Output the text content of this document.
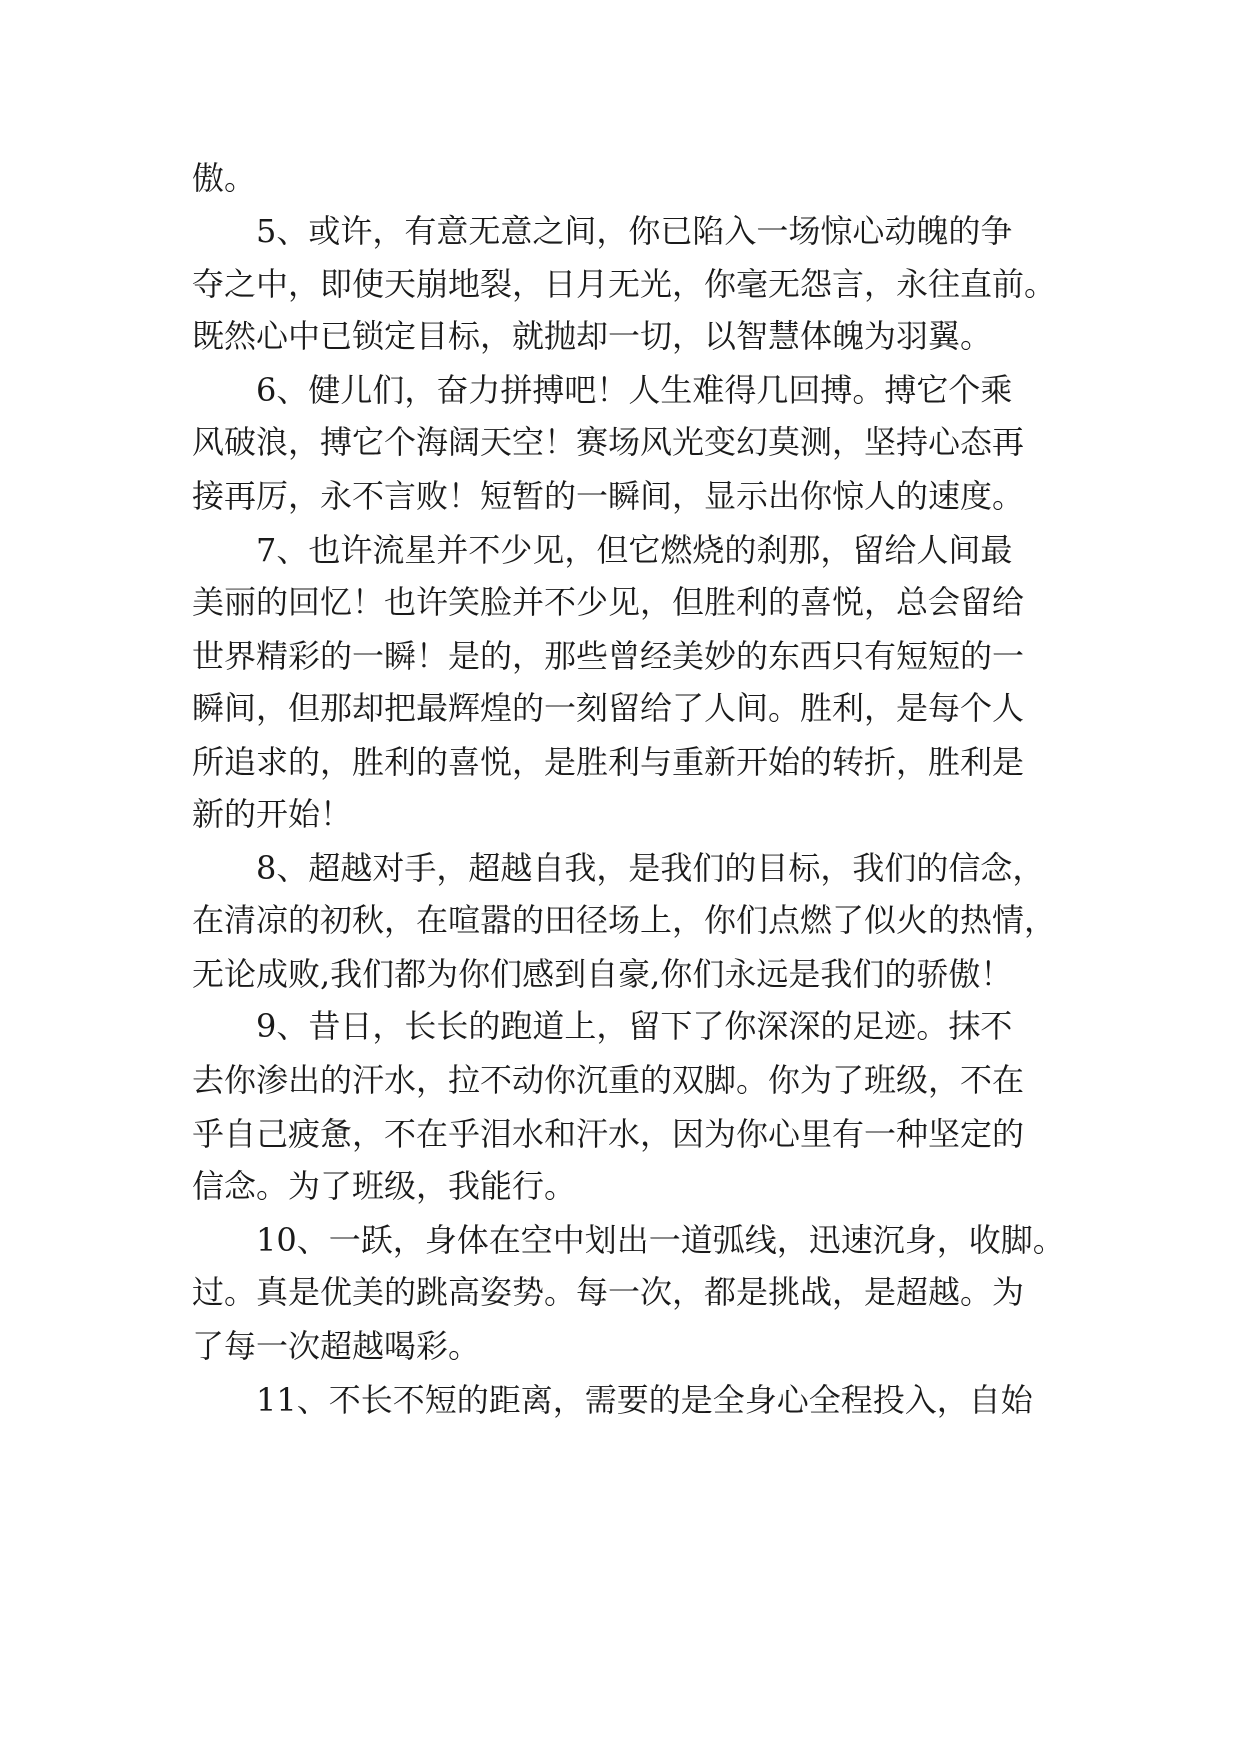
傲。
5、或许，有意无意之间，你已陷入一场惊心动魄的争
夺之中，即使天崩地裂，日月无光，你毫无怨言，永往直前。
既然心中已锁定目标，就抛却一切，以智慧体魄为羽翼。
6、健儿们，奋力拼搏吧！人生难得几回搏。搏它个乘
风破浪，搏它个海阔天空！赛场风光变幻莫测，坚持心态再
接再厉，永不言败！短暂的一瞬间，显示出你惊人的速度。
7、也许流星并不少见，但它燃烧的刹那，留给人间最
美丽的回忆！也许笑脸并不少见，但胜利的喜悦，总会留给
世界精彩的一瞬！是的，那些曾经美妙的东西只有短短的一
瞬间，但那却把最辉煌的一刻留给了人间。胜利，是每个人
所追求的，胜利的喜悦，是胜利与重新开始的转折，胜利是
新的开始！
8、超越对手，超越自我，是我们的目标，我们的信念，
在清凉的初秋，在喧嚣的田径场上，你们点燃了似火的热情，
无论成败,我们都为你们感到自豪,你们永远是我们的骄傲！
9、昔日，长长的跑道上，留下了你深深的足迹。抹不
去你渗出的汗水，拉不动你沉重的双脚。你为了班级，不在
乎自己疲惫，不在乎泪水和汗水，因为你心里有一种坚定的
信念。为了班级，我能行。
10、一跃，身体在空中划出一道弧线，迅速沉身，收脚。
过。真是优美的跳高姿势。每一次，都是挑战，是超越。为
了每一次超越喝彩。
11、不长不短的距离，需要的是全身心全程投入，自始
